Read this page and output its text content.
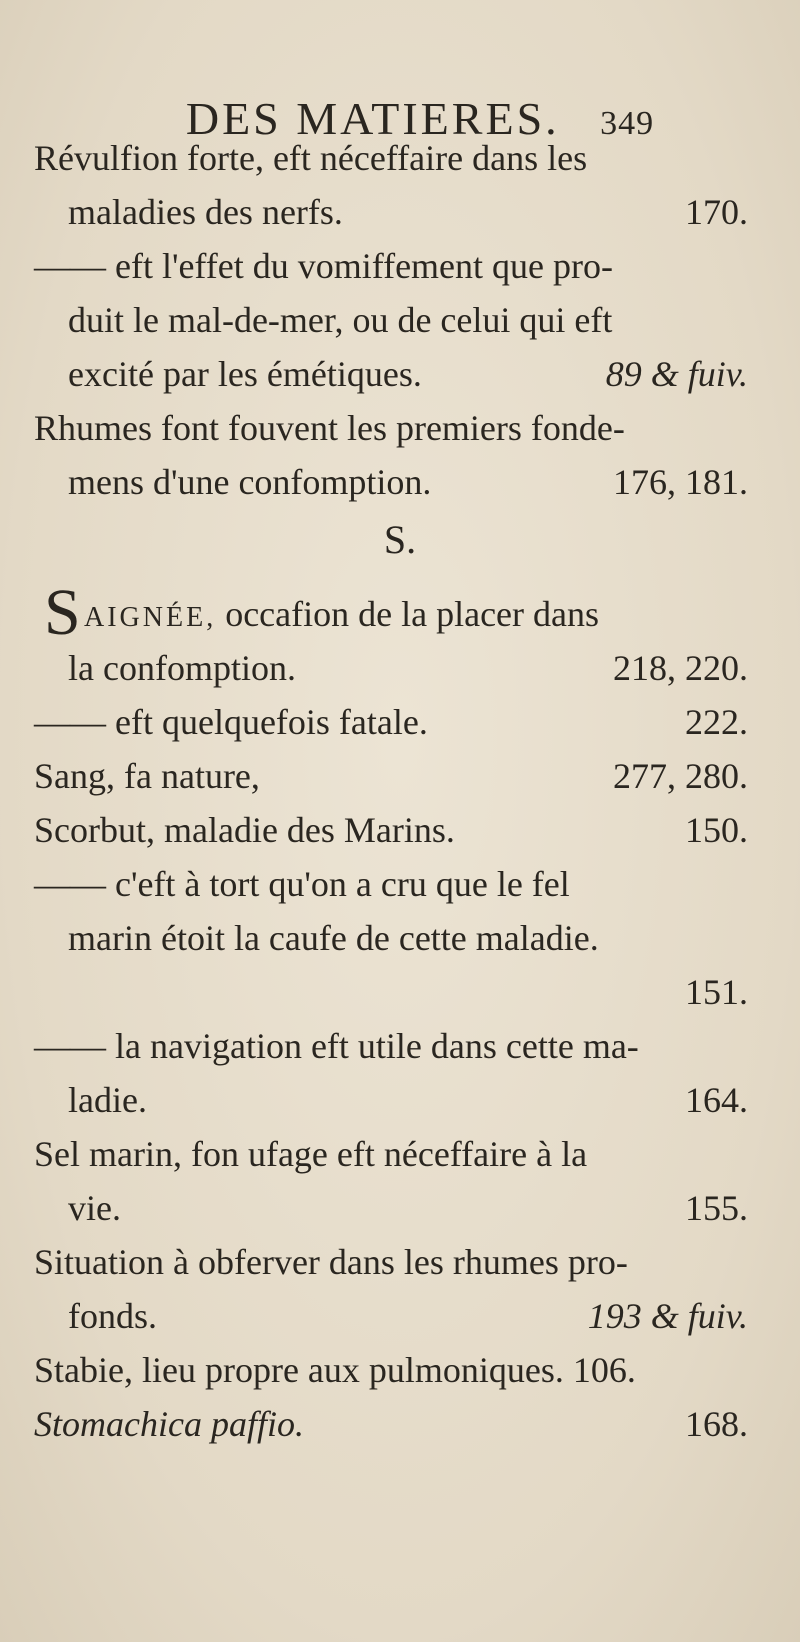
DES MATIERES. 349
Révulfion forte, eft néceffaire dans les
maladies des nerfs.	170.
—— eft l'effet du vomiffement que pro-
duit le mal-de-mer, ou de celui qui eft
excité par les émétiques.	89 & fuiv.
Rhumes font fouvent les premiers fonde-
mens d'une confomption.	176, 181.
S.
S AIGNÉE, occafion de la placer dans
la confomption.	218, 220.
—— eft quelquefois fatale.	222.
Sang, fa nature,	277, 280.
Scorbut, maladie des Marins.	150.
—— c'eft à tort qu'on a cru que le fel
marin étoit la caufe de cette maladie.
151.
—— la navigation eft utile dans cette ma-
ladie.	164.
Sel marin, fon ufage eft néceffaire à la
vie.	155.
Situation à obferver dans les rhumes pro-
fonds.	193 & fuiv.
Stabie, lieu propre aux pulmoniques. 106.
Stomachica paffio.	168.
